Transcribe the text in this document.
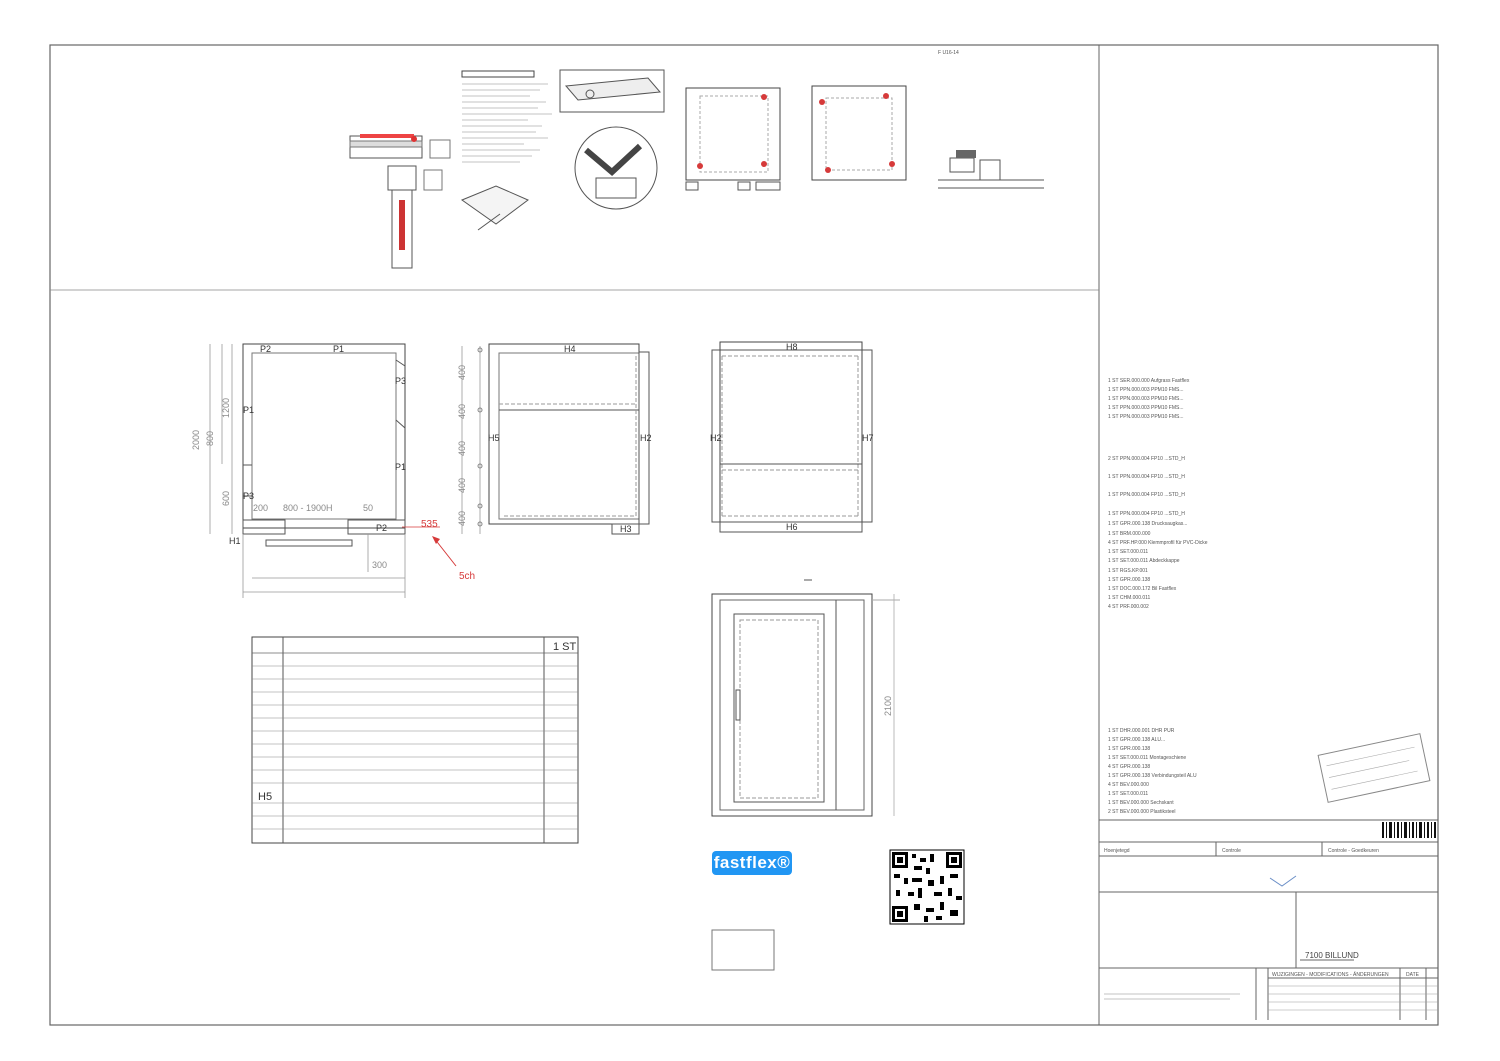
F U16-14
P2	P1
P3
P1
P1
P3
P2
H1
2000 800
1200
600
200 800 - 1900H	50
300
535
5ch
H4
H5	H2
H3
400
400
400
400
400
H8
H2	H7
H6
1 ST
H5
2100
1 ST SER.000.000 Aufgrass Fastflex
1 ST PPN.000.003 PPM10 FMS...
1 ST PPN.000.003 PPM10 FMS...
1 ST PPN.000.003 PPM10 FMS...
1 ST PPN.000.003 PPM10 FMS...
2 ST PPN.000.004 FP10 ...STD_H
1 ST PPN.000.004 FP10 ...STD_H
1 ST PPN.000.004 FP10 ...STD_H
1 ST PPN.000.004 FP10 ...STD_H
1 ST GPR.000.138 Drucksaugkas...
1 ST BRM.000.000
4 ST PRF.HP.000 Klemmprofil für PVC-Dicke
1 ST SET.000.011
1 ST SET.000.011 Abdeckkappe
1 ST RGS.KP.001
1 ST GPR.000.138
1 ST DOC.000.172 Bil Fastflex
1 ST CHM.000.011
4 ST PRF.000.002
1 ST DHR.000.001 DHR PUR
1 ST GPR.000.138 ALU...
1 ST GPR.000.138
1 ST SET.000.011 Montageschiene
4 ST GPR.000.138
1 ST GPR.000.138 Verbindungsteil ALU
4 ST BEV.000.000
1 ST SET.000.011
1 ST BEV.000.000 Sechskant
2 ST BEV.000.000 Plastiksteel
Hoenjetegd	Controle	Controle - Goedkeuren
7100 BILLUND
WIJZIGINGEN - MODIFICATIONS - ÄNDERUNGEN	DATE
fastflex ®
